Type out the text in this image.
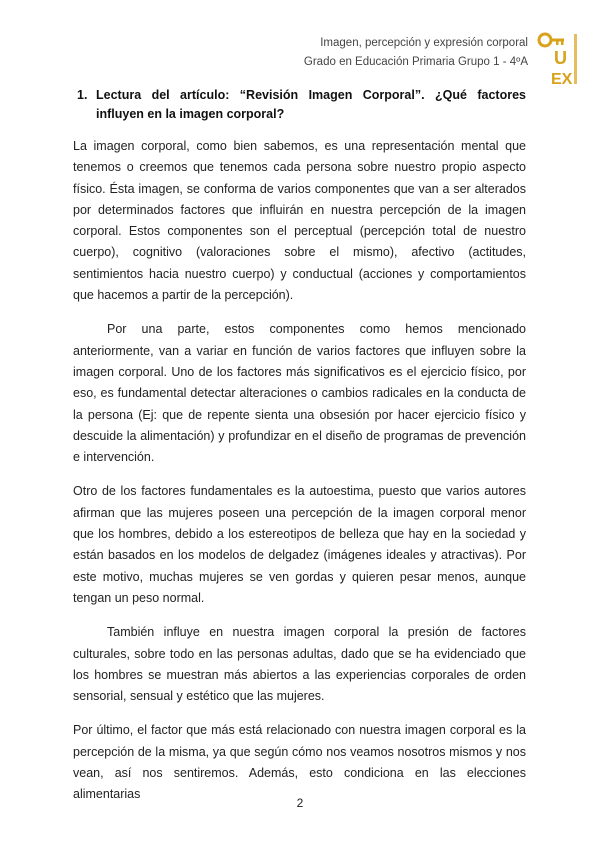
Imagen, percepción y expresión corporal
Grado en Educación Primaria Grupo 1 - 4ºA U
EX
1. Lectura del artículo: “Revisión Imagen Corporal”. ¿Qué factores influyen en la imagen corporal?

La imagen corporal, como bien sabemos, es una representación mental que tenemos o creemos que tenemos cada persona sobre nuestro propio aspecto físico. Ésta imagen, se conforma de varios componentes que van a ser alterados por determinados factores que influirán en nuestra percepción de la imagen corporal. Estos componentes son el perceptual (percepción total de nuestro cuerpo), cognitivo (valoraciones sobre el mismo), afectivo (actitudes, sentimientos hacia nuestro cuerpo) y conductual (acciones y comportamientos que hacemos a partir de la percepción).

Por una parte, estos componentes como hemos mencionado anteriormente, van a variar en función de varios factores que influyen sobre la imagen corporal. Uno de los factores más significativos es el ejercicio físico, por eso, es fundamental detectar alteraciones o cambios radicales en la conducta de la persona (Ej: que de repente sienta una obsesión por hacer ejercicio físico y descuide la alimentación) y profundizar en el diseño de programas de prevención e intervención.

Otro de los factores fundamentales es la autoestima, puesto que varios autores afirman que las mujeres poseen una percepción de la imagen corporal menor que los hombres, debido a los estereotipos de belleza que hay en la sociedad y están basados en los modelos de delgadez (imágenes ideales y atractivas). Por este motivo, muchas mujeres se ven gordas y quieren pesar menos, aunque tengan un peso normal.

También influye en nuestra imagen corporal la presión de factores culturales, sobre todo en las personas adultas, dado que se ha evidenciado que los hombres se muestran más abiertos a las experiencias corporales de orden sensorial, sensual y estético que las mujeres.

Por último, el factor que más está relacionado con nuestra imagen corporal es la percepción de la misma, ya que según cómo nos veamos nosotros mismos y nos vean, así nos sentiremos. Además, esto condiciona en las elecciones alimentarias

2
